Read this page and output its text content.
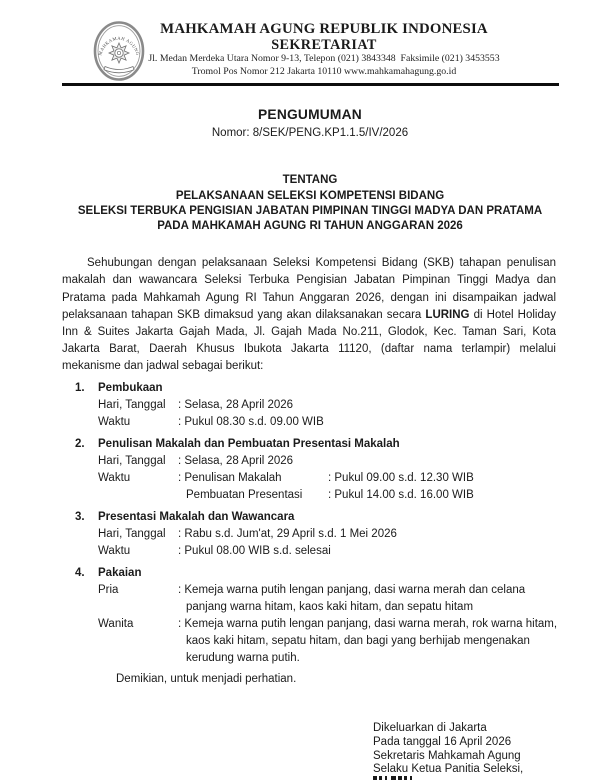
MAHKAMAH AGUNG
MAHKAMAH AGUNG REPUBLIK INDONESIA
SEKRETARIAT
Jl. Medan Merdeka Utara Nomor 9-13, Telepon (021) 3843348  Faksimile (021) 3453553
Tromol Pos Nomor 212 Jakarta 10110 www.mahkamahagung.go.id
PENGUMUMAN
Nomor: 8/SEK/PENG.KP1.1.5/IV/2026
TENTANG
PELAKSANAAN SELEKSI KOMPETENSI BIDANG
SELEKSI TERBUKA PENGISIAN JABATAN PIMPINAN TINGGI MADYA DAN PRATAMA
PADA MAHKAMAH AGUNG RI TAHUN ANGGARAN 2026

Sehubungan dengan pelaksanaan Seleksi Kompetensi Bidang (SKB) tahapan penulisan makalah dan wawancara Seleksi Terbuka Pengisian Jabatan Pimpinan Tinggi Madya dan Pratama pada Mahkamah Agung RI Tahun Anggaran 2026, dengan ini disampaikan jadwal pelaksanaan tahapan SKB dimaksud yang akan dilaksanakan secara LURING di Hotel Holiday Inn & Suites Jakarta Gajah Mada, Jl. Gajah Mada No.211, Glodok, Kec. Taman Sari, Kota Jakarta Barat, Daerah Khusus Ibukota Jakarta 11120, (daftar nama terlampir) melalui mekanisme dan jadwal sebagai berikut:

1.	Pembukaan
Hari, Tanggal	: Selasa, 28 April 2026
Waktu	: Pukul 08.30 s.d. 09.00 WIB
2.	Penulisan Makalah dan Pembuatan Presentasi Makalah
Hari, Tanggal	: Selasa, 28 April 2026
Waktu	: Penulisan Makalah	: Pukul 09.00 s.d. 12.30 WIB
Pembuatan Presentasi	: Pukul 14.00 s.d. 16.00 WIB
3.	Presentasi Makalah dan Wawancara
Hari, Tanggal	: Rabu s.d. Jum'at, 29 April s.d. 1 Mei 2026
Waktu	: Pukul 08.00 WIB s.d. selesai
4.	Pakaian
Pria	: Kemeja warna putih lengan panjang, dasi warna merah dan celana panjang warna hitam, kaos kaki hitam, dan sepatu hitam
Wanita	: Kemeja warna putih lengan panjang, dasi warna merah, rok warna hitam, kaos kaki hitam, sepatu hitam, dan bagi yang berhijab mengenakan kerudung warna putih.

Demikian, untuk menjadi perhatian.

Dikeluarkan di Jakarta
Pada tanggal 16 April 2026
Sekretaris Mahkamah Agung
Selaku Ketua Panitia Seleksi,
